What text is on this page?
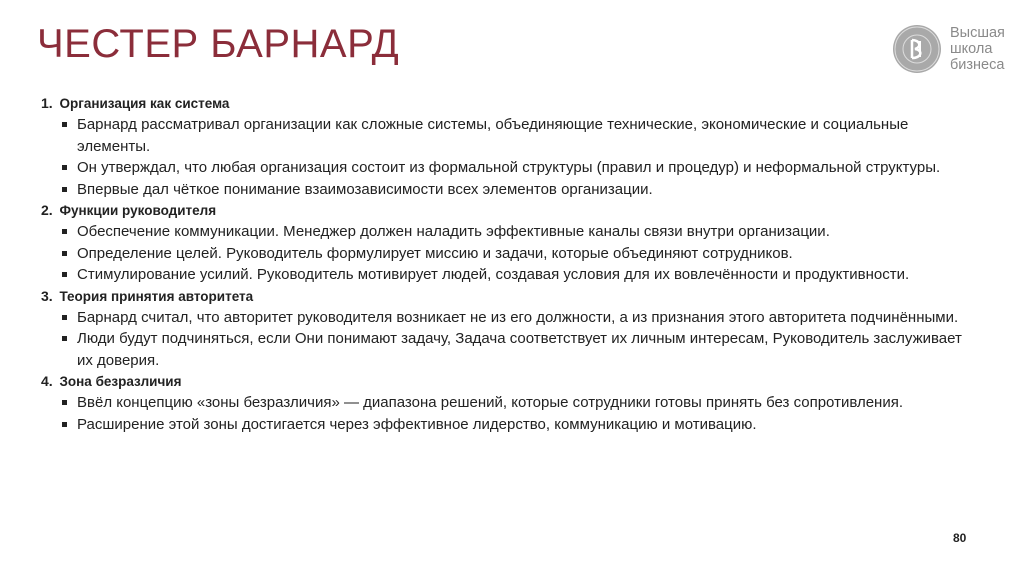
ЧЕСТЕР БАРНАРД	Высшая
школа
бизнеса

1. Организация как система

Барнард рассматривал организации как сложные системы, объединяющие технические, экономические и социальные элементы.
Он утверждал, что любая организация состоит из формальной структуры (правил и процедур) и неформальной структуры.
Впервые дал чёткое понимание взаимозависимости всех элементов организации.

2. Функции руководителя

Обеспечение коммуникации. Менеджер должен наладить эффективные каналы связи внутри организации.
Определение целей. Руководитель формулирует миссию и задачи, которые объединяют сотрудников.
Стимулирование усилий. Руководитель мотивирует людей, создавая условия для их вовлечённости и продуктивности.

3. Теория принятия авторитета

Барнард считал, что авторитет руководителя возникает не из его должности, а из признания этого авторитета подчинёнными.
Люди будут подчиняться, если Они понимают задачу, Задача соответствует их личным интересам, Руководитель заслуживает их доверия.

4. Зона безразличия

Ввёл концепцию «зоны безразличия» — диапазона решений, которые сотрудники готовы принять без сопротивления.
Расширение этой зоны достигается через эффективное лидерство, коммуникацию и мотивацию.
80
